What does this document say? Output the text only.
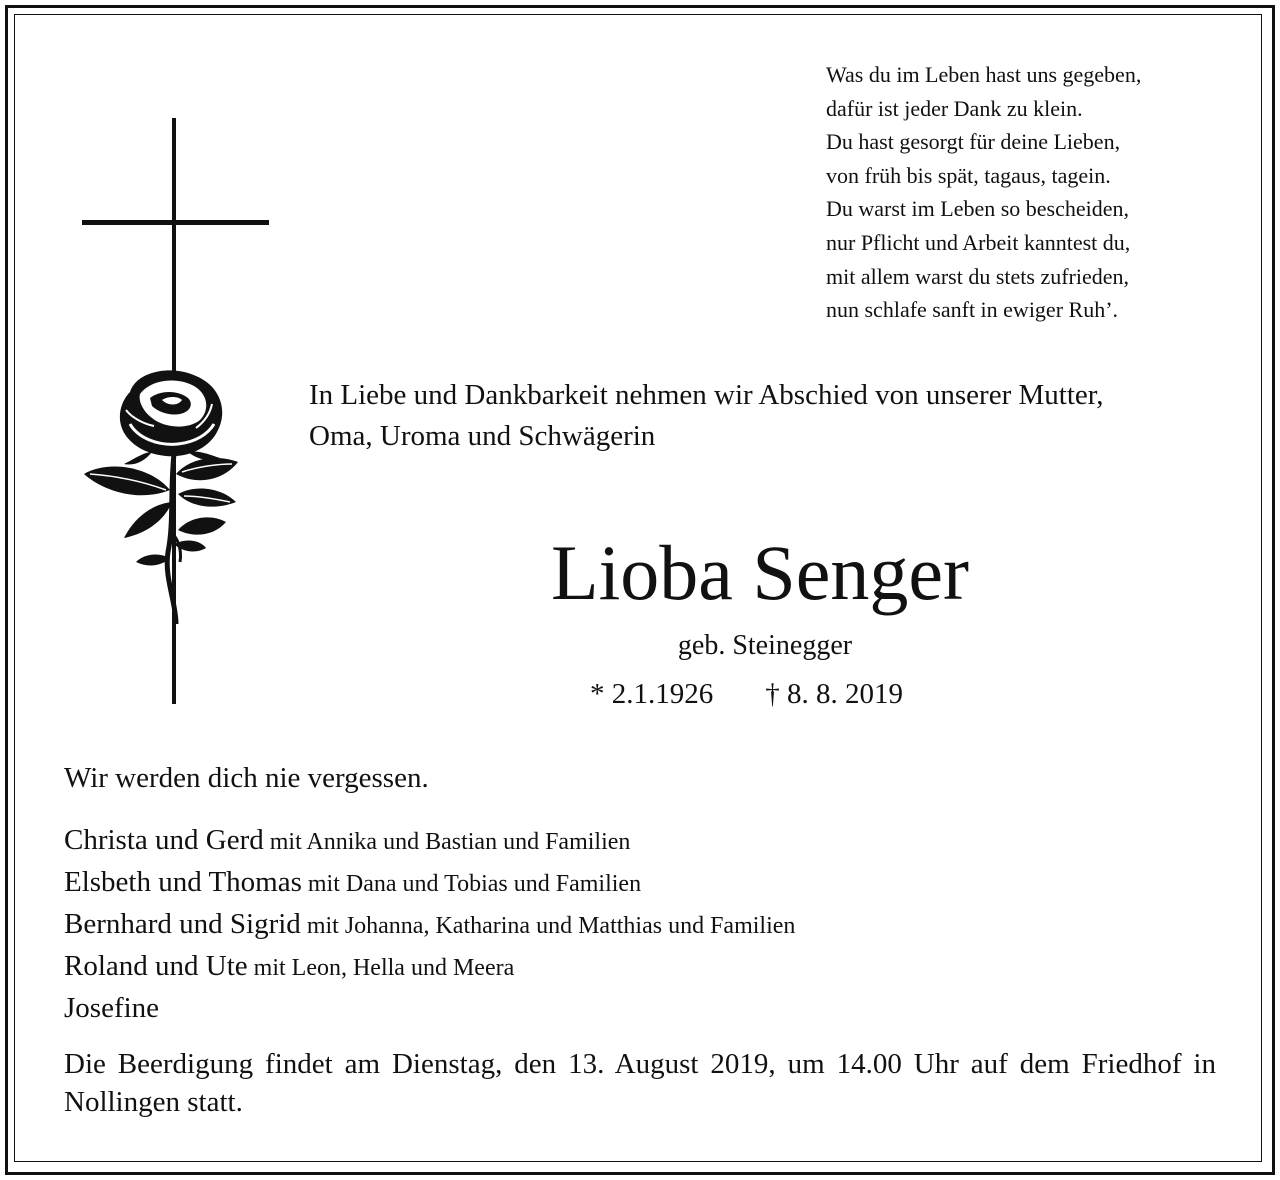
Was du im Leben hast uns gegeben,
dafür ist jeder Dank zu klein.
Du hast gesorgt für deine Lieben,
von früh bis spät, tagaus, tagein.
Du warst im Leben so bescheiden,
nur Pflicht und Arbeit kanntest du,
mit allem warst du stets zufrieden,
nun schlafe sanft in ewiger Ruh’.
In Liebe und Dankbarkeit nehmen wir Abschied von unserer Mutter,
Oma, Uroma und Schwägerin
Lioba Senger
geb. Steinegger
* 2.1.1926 † 8. 8. 2019
Wir werden dich nie vergessen.
Christa und Gerd mit Annika und Bastian und Familien
Elsbeth und Thomas mit Dana und Tobias und Familien
Bernhard und Sigrid mit Johanna, Katharina und Matthias und Familien
Roland und Ute mit Leon, Hella und Meera
Josefine
Die Beerdigung findet am Dienstag, den 13. August 2019, um 14.00 Uhr auf dem Friedhof in Nollingen statt.
